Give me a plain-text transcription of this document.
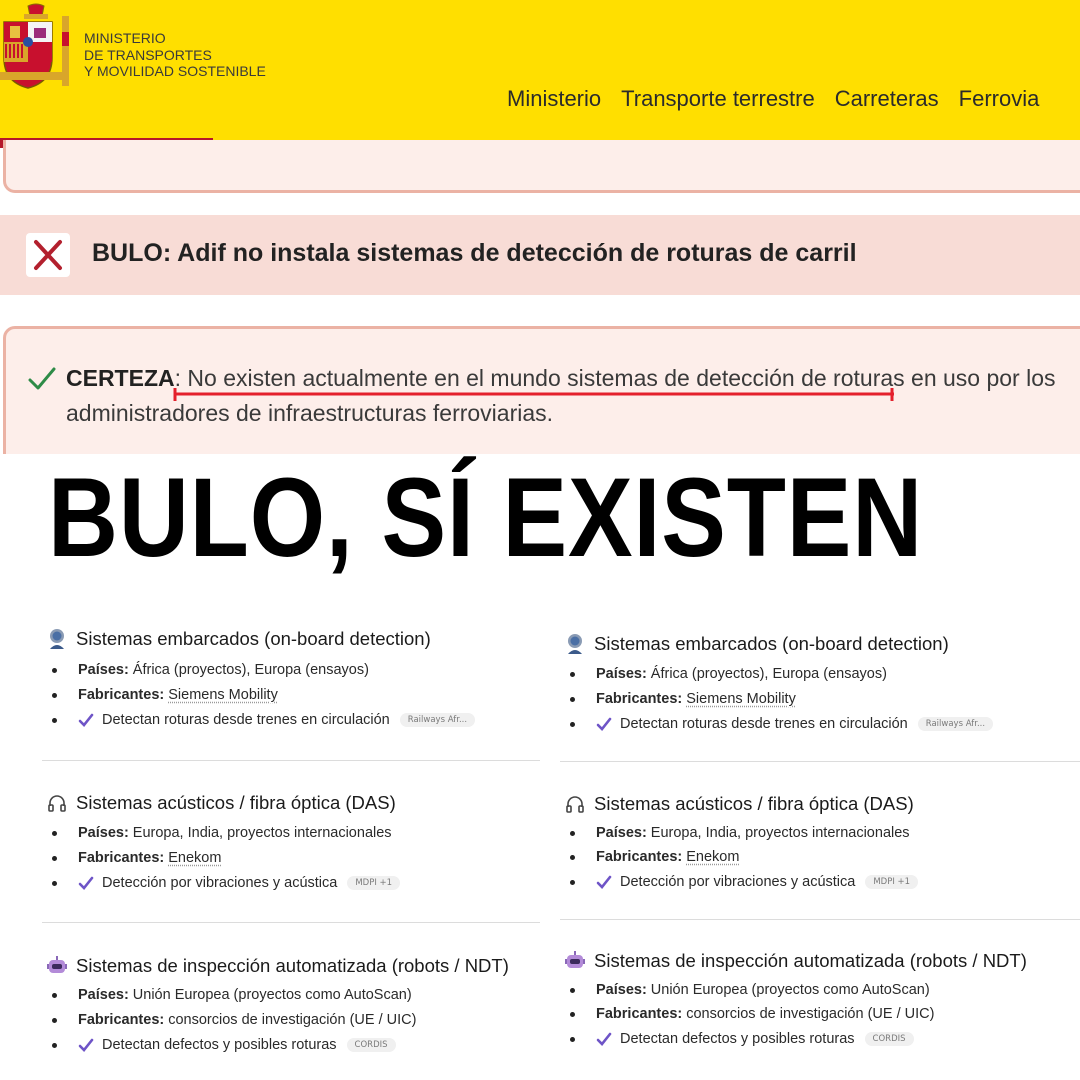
MINISTERIO
DE TRANSPORTES
Y MOVILIDAD SOSTENIBLE
Ministerio Transporte terrestre Carreteras Ferrovia
BULO: Adif no instala sistemas de detección de roturas de carril
CERTEZA: No existen actualmente en el mundo sistemas de detección de roturas en uso por los
administradores de infraestructuras ferroviarias.
BULO, SÍ EXISTEN
Sistemas embarcados (on-board detection)
Países: África (proyectos), Europa (ensayos)
Fabricantes: Siemens Mobility
Detectan roturas desde trenes en circulación	Railways Afr...
Sistemas acústicos / fibra óptica (DAS)
Países: Europa, India, proyectos internacionales
Fabricantes: Enekom
Detección por vibraciones y acústica	MDPI +1
Sistemas de inspección automatizada (robots / NDT)
Países: Unión Europea (proyectos como AutoScan)
Fabricantes: consorcios de investigación (UE / UIC)
Detectan defectos y posibles roturas	CORDIS
Sistemas embarcados (on-board detection)
Países: África (proyectos), Europa (ensayos)
Fabricantes: Siemens Mobility
Detectan roturas desde trenes en circulación	Railways Afr...
Sistemas acústicos / fibra óptica (DAS)
Países: Europa, India, proyectos internacionales
Fabricantes: Enekom
Detección por vibraciones y acústica	MDPI +1
Sistemas de inspección automatizada (robots / NDT)
Países: Unión Europea (proyectos como AutoScan)
Fabricantes: consorcios de investigación (UE / UIC)
Detectan defectos y posibles roturas	CORDIS
